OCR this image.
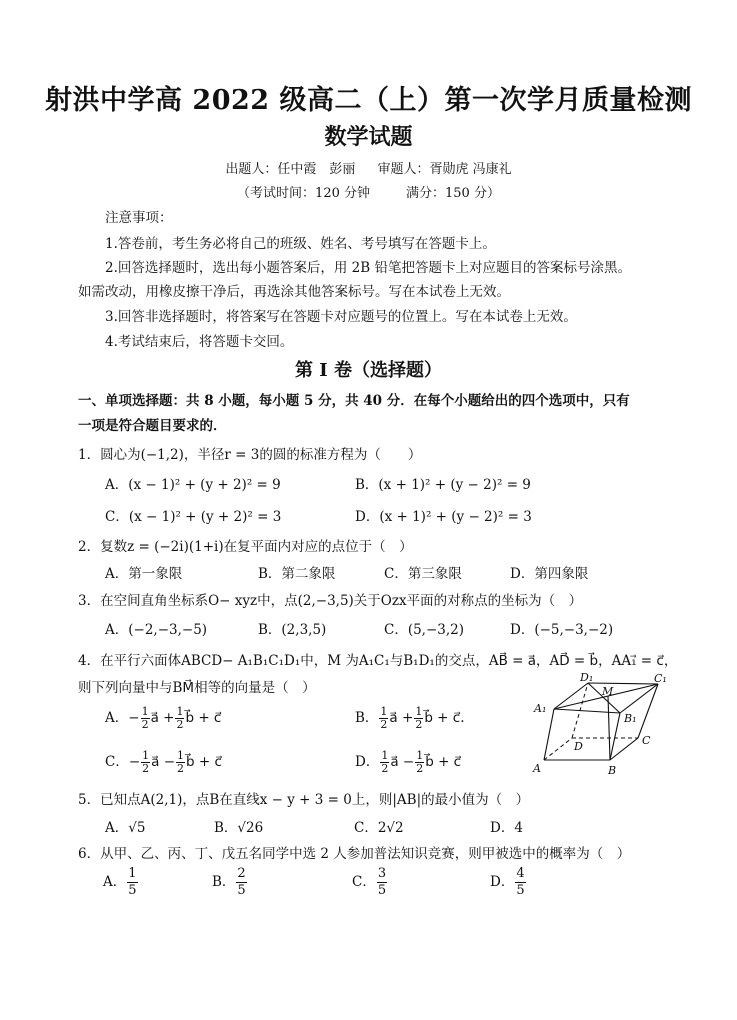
射洪中学高 2022 级高二（上）第一次学月质量检测
数学试题
出题人：任中霞　彭丽 审题人：胥勋虎 冯康礼
（考试时间：120 分钟	满分：150 分）
注意事项：
1.答卷前，考生务必将自己的班级、姓名、考号填写在答题卡上。
2.回答选择题时，选出每小题答案后，用 2B 铅笔把答题卡上对应题目的答案标号涂黑。
如需改动，用橡皮擦干净后，再选涂其他答案标号。写在本试卷上无效。
3.回答非选择题时，将答案写在答题卡对应题号的位置上。写在本试卷上无效。
4.考试结束后，将答题卡交回。
第 I 卷（选择题）
一、单项选择题：共 8 小题，每小题 5 分，共 40 分．在每个小题给出的四个选项中，只有
一项是符合题目要求的．
1．圆心为(−1,2)，半径r = 3的圆的标准方程为（　　）
A．(x − 1)² + (y + 2)² = 9	B．(x + 1)² + (y − 2)² = 9
C．(x − 1)² + (y + 2)² = 3	D．(x + 1)² + (y − 2)² = 3
2．复数z = (−2i)(1+i)在复平面内对应的点位于（　）
A．第一象限	B．第二象限	C．第三象限	D．第四象限
3．在空间直角坐标系O− xyz中，点(2,−3,5)关于Ozx平面的对称点的坐标为（　）
A．(−2,−3,−5)	B．(2,3,5)	C．(5,−3,2)	D．(−5,−3,−2)
4．在平行六面体ABCD− A₁B₁C₁D₁中，M 为A₁C₁与B₁D₁的交点，AB⃗ = a⃗，AD⃗ = b⃗，AA₁⃗ = c⃗，
则下列向量中与BM⃗相等的向量是（　）
A．− $\frac{1}{2}$ a⃗ + $\frac{1}{2}$ b⃗ + c⃗	B． $\frac{1}{2}$ a⃗ + $\frac{1}{2}$ b⃗ + c⃗.
C．− $\frac{1}{2}$ a⃗ − $\frac{1}{2}$ b⃗ + c⃗	D． $\frac{1}{2}$ a⃗ − $\frac{1}{2}$ b⃗ + c⃗	A	B
C
D
A₁
B₁
C₁
D₁
M
5．已知点A(2,1)，点B在直线x − y + 3 = 0上，则|AB|的最小值为（　）
A．√5	B．√26	C．2√2	D．4
6．从甲、乙、丙、丁、戊五名同学中选 2 人参加普法知识竞赛，则甲被选中的概率为（　）
A． $\frac{1}{5}$	B． $\frac{2}{5}$	C． $\frac{3}{5}$	D． $\frac{4}{5}$
